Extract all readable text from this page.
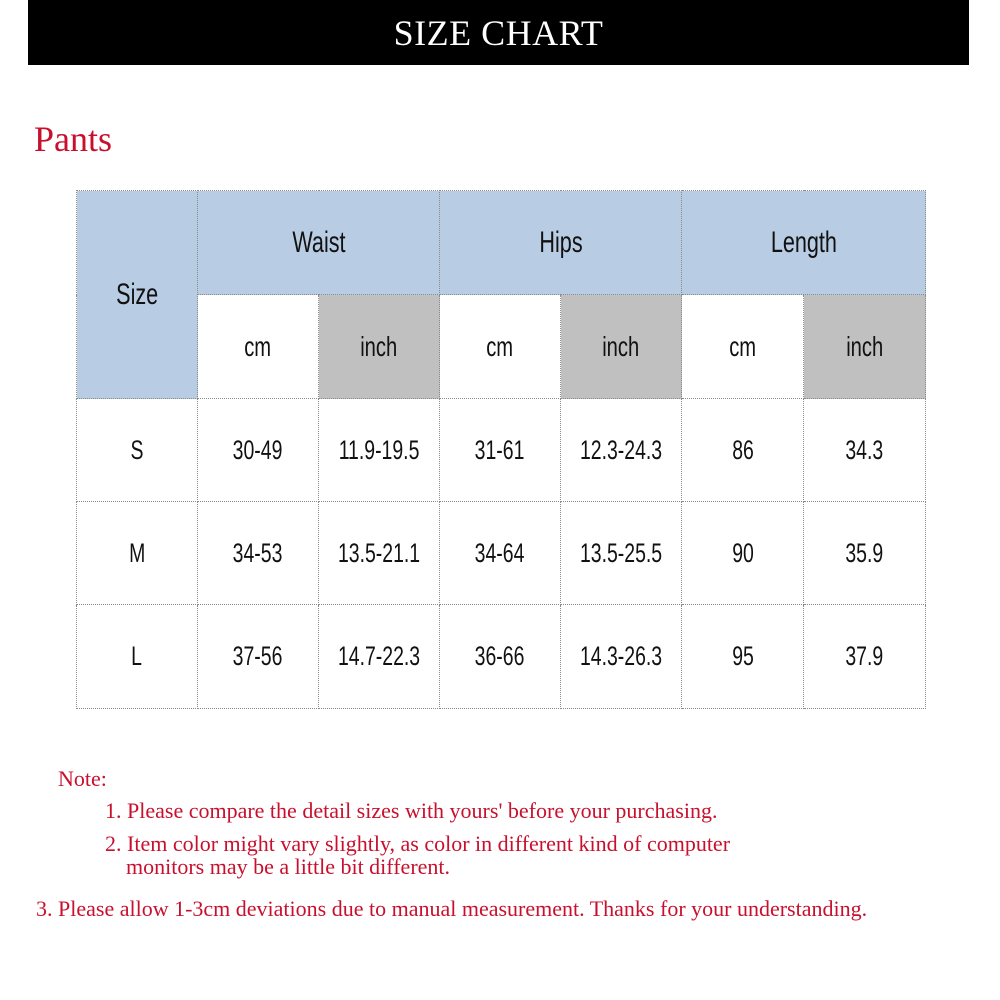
SIZE CHART
Pants
Size	Waist		Hips		Length	
	cm	inch	cm	inch	cm	inch
S	30-49	11.9-19.5	31-61	12.3-24.3	86	34.3
M	34-53	13.5-21.1	34-64	13.5-25.5	90	35.9
L	37-56	14.7-22.3	36-66	14.3-26.3	95	37.9
Note:
1. Please compare the detail sizes with yours' before your purchasing.
2. Item color might vary slightly, as color in different kind of computer
monitors may be a little bit different.
3. Please allow 1-3cm deviations due to manual measurement. Thanks for your understanding.
